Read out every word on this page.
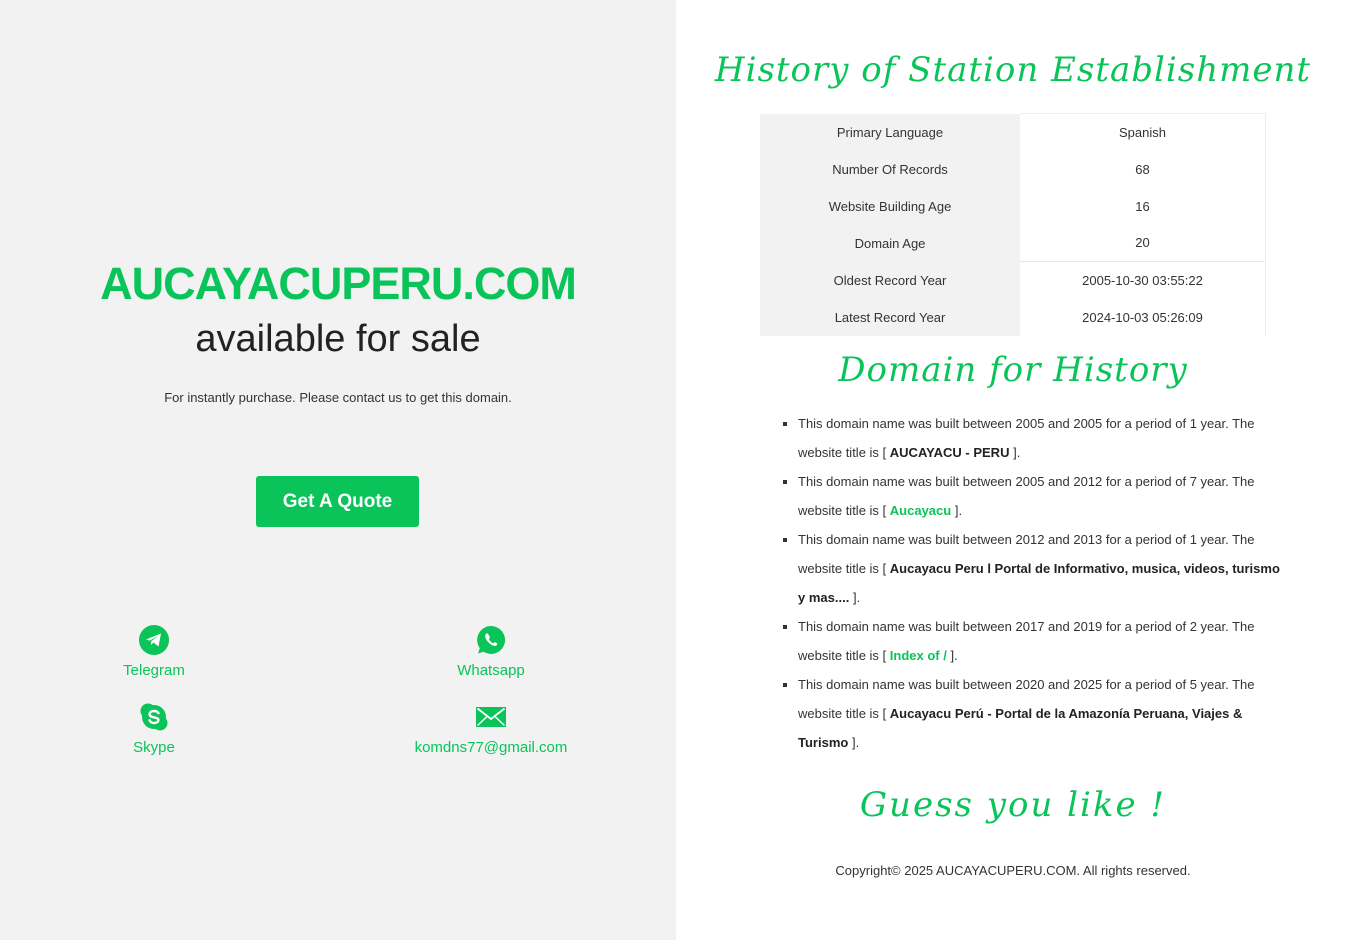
AUCAYACUPERU.COM
available for sale

For instantly purchase. Please contact us to get this domain.

Get A Quote
Telegram	Whatsapp
Skype	komdns77@gmail.com
History of Station Establishment
Primary Language	Spanish
Number Of Records	68
Website Building Age	16
Domain Age	20
Oldest Record Year	2005-10-30 03:55:22
Latest Record Year	2024-10-03 05:26:09
Domain for History
▪ This domain name was built between 2005 and 2005 for a period of 1 year. The website title is [ AUCAYACU - PERU ].
▪ This domain name was built between 2005 and 2012 for a period of 7 year. The website title is [ Aucayacu ].
▪ This domain name was built between 2012 and 2013 for a period of 1 year. The website title is [ Aucayacu Peru l Portal de Informativo, musica, videos, turismo y mas.... ].
▪ This domain name was built between 2017 and 2019 for a period of 2 year. The website title is [ Index of / ].
▪ This domain name was built between 2020 and 2025 for a period of 5 year. The website title is [ Aucayacu Perú - Portal de la Amazonía Peruana, Viajes & Turismo ].
Guess you like !

Copyright© 2025 AUCAYACUPERU.COM. All rights reserved.
